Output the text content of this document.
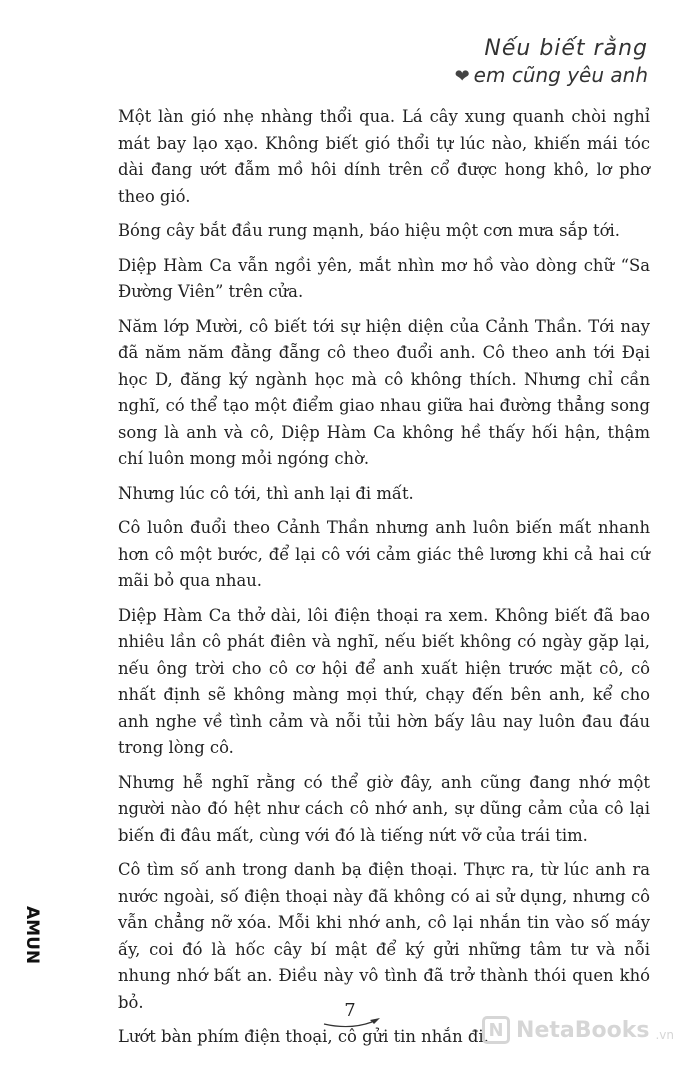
Nếu biết rằng
❤ em cũng yêu anh

Một làn gió nhẹ nhàng thổi qua. Lá cây xung quanh chòi nghỉ mát bay lạo xạo. Không biết gió thổi tự lúc nào, khiến mái tóc dài đang ướt đẫm mồ hôi dính trên cổ được hong khô, lơ phơ theo gió.

Bóng cây bắt đầu rung mạnh, báo hiệu một cơn mưa sắp tới.

Diệp Hàm Ca vẫn ngồi yên, mắt nhìn mơ hồ vào dòng chữ “Sa Đường Viên” trên cửa.

Năm lớp Mười, cô biết tới sự hiện diện của Cảnh Thần. Tới nay đã năm năm đằng đẵng cô theo đuổi anh. Cô theo anh tới Đại học D, đăng ký ngành học mà cô không thích. Nhưng chỉ cần nghĩ, có thể tạo một điểm giao nhau giữa hai đường thẳng song song là anh và cô, Diệp Hàm Ca không hề thấy hối hận, thậm chí luôn mong mỏi ngóng chờ.

Nhưng lúc cô tới, thì anh lại đi mất.

Cô luôn đuổi theo Cảnh Thần nhưng anh luôn biến mất nhanh hơn cô một bước, để lại cô với cảm giác thê lương khi cả hai cứ mãi bỏ qua nhau.

Diệp Hàm Ca thở dài, lôi điện thoại ra xem. Không biết đã bao nhiêu lần cô phát điên và nghĩ, nếu biết không có ngày gặp lại, nếu ông trời cho cô cơ hội để anh xuất hiện trước mặt cô, cô nhất định sẽ không màng mọi thứ, chạy đến bên anh, kể cho anh nghe về tình cảm và nỗi tủi hờn bấy lâu nay luôn đau đáu trong lòng cô.

Nhưng hễ nghĩ rằng có thể giờ đây, anh cũng đang nhớ một người nào đó hệt như cách cô nhớ anh, sự dũng cảm của cô lại biến đi đâu mất, cùng với đó là tiếng nứt vỡ của trái tim.

Cô tìm số anh trong danh bạ điện thoại. Thực ra, từ lúc anh ra nước ngoài, số điện thoại này đã không có ai sử dụng, nhưng cô vẫn chẳng nỡ xóa. Mỗi khi nhớ anh, cô lại nhắn tin vào số máy ấy, coi đó là hốc cây bí mật để ký gửi những tâm tư và nỗi nhung nhớ bất an. Điều này vô tình đã trở thành thói quen khó bỏ.

Lướt bàn phím điện thoại, cô gửi tin nhắn đi.

AMUN
7
N NetaBooks .vn
